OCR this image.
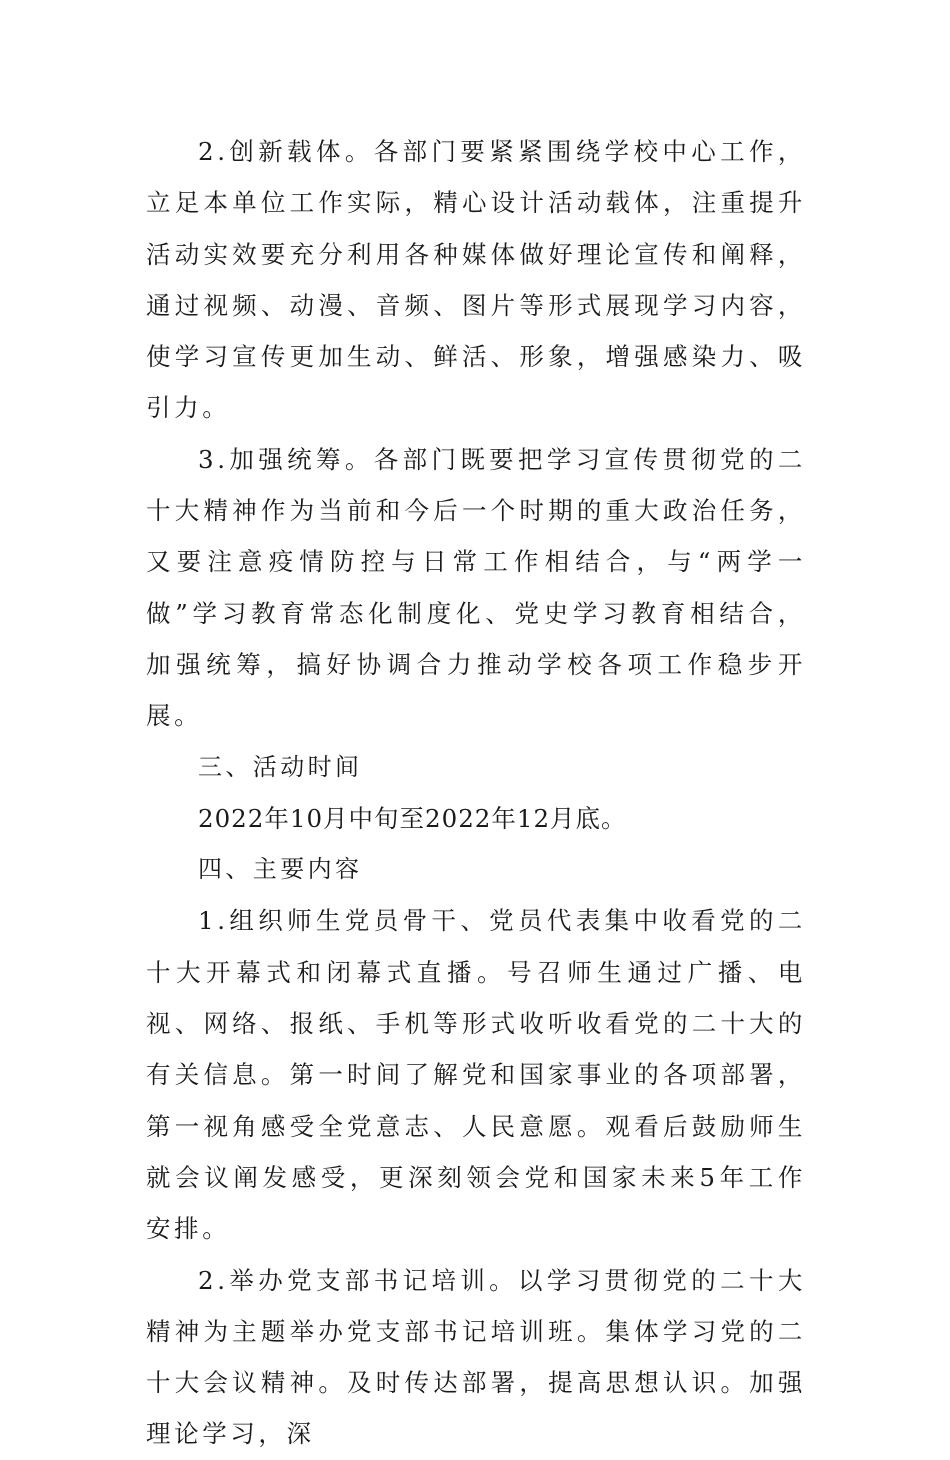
2.创新载体。各部门要紧紧围绕学校中心工作，立足本单位工作实际，精心设计活动载体，注重提升活动实效要充分利用各种媒体做好理论宣传和阐释，通过视频、动漫、音频、图片等形式展现学习内容，使学习宣传更加生动、鲜活、形象，增强感染力、吸引力。

3.加强统筹。各部门既要把学习宣传贯彻党的二十大精神作为当前和今后一个时期的重大政治任务，又要注意疫情防控与日常工作相结合，与“两学一做”学习教育常态化制度化、党史学习教育相结合，加强统筹，搞好协调合力推动学校各项工作稳步开展。

三、活动时间

2022年10月中旬至2022年12月底。

四、主要内容

1.组织师生党员骨干、党员代表集中收看党的二十大开幕式和闭幕式直播。号召师生通过广播、电视、网络、报纸、手机等形式收听收看党的二十大的有关信息。第一时间了解党和国家事业的各项部署，第一视角感受全党意志、人民意愿。观看后鼓励师生就会议阐发感受，更深刻领会党和国家未来5年工作安排。

2.举办党支部书记培训。以学习贯彻党的二十大精神为主题举办党支部书记培训班。集体学习党的二十大会议精神。及时传达部署，提高思想认识。加强理论学习，深
